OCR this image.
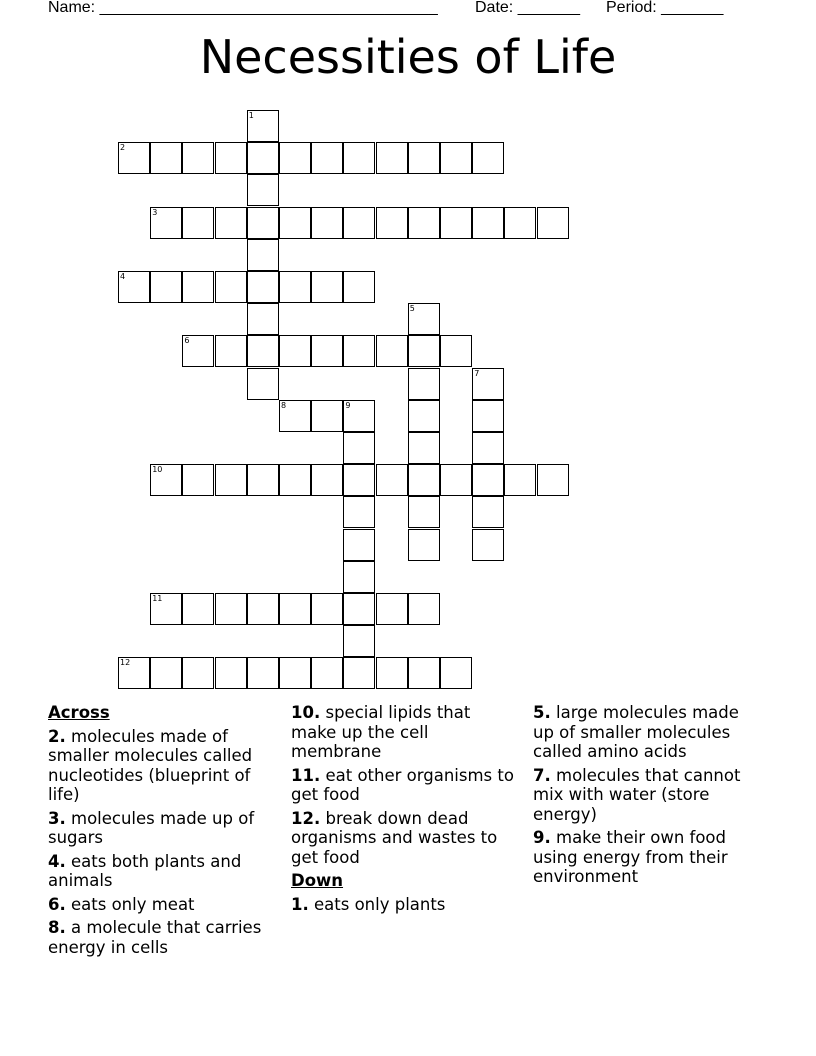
Name: ______________________________________ Date: _______ Period: _______
Necessities of Life
1
2
3
4
5
6
7
8	9
10
11
12
Across
2. molecules made of smaller molecules called nucleotides (blueprint of life)
3. molecules made up of sugars
4. eats both plants and animals
6. eats only meat
8. a molecule that carries energy in cells
10. special lipids that make up the cell membrane
11. eat other organisms to get food
12. break down dead organisms and wastes to get food
Down
1. eats only plants
5. large molecules made up of smaller molecules called amino acids
7. molecules that cannot mix with water (store energy)
9. make their own food using energy from their environment
